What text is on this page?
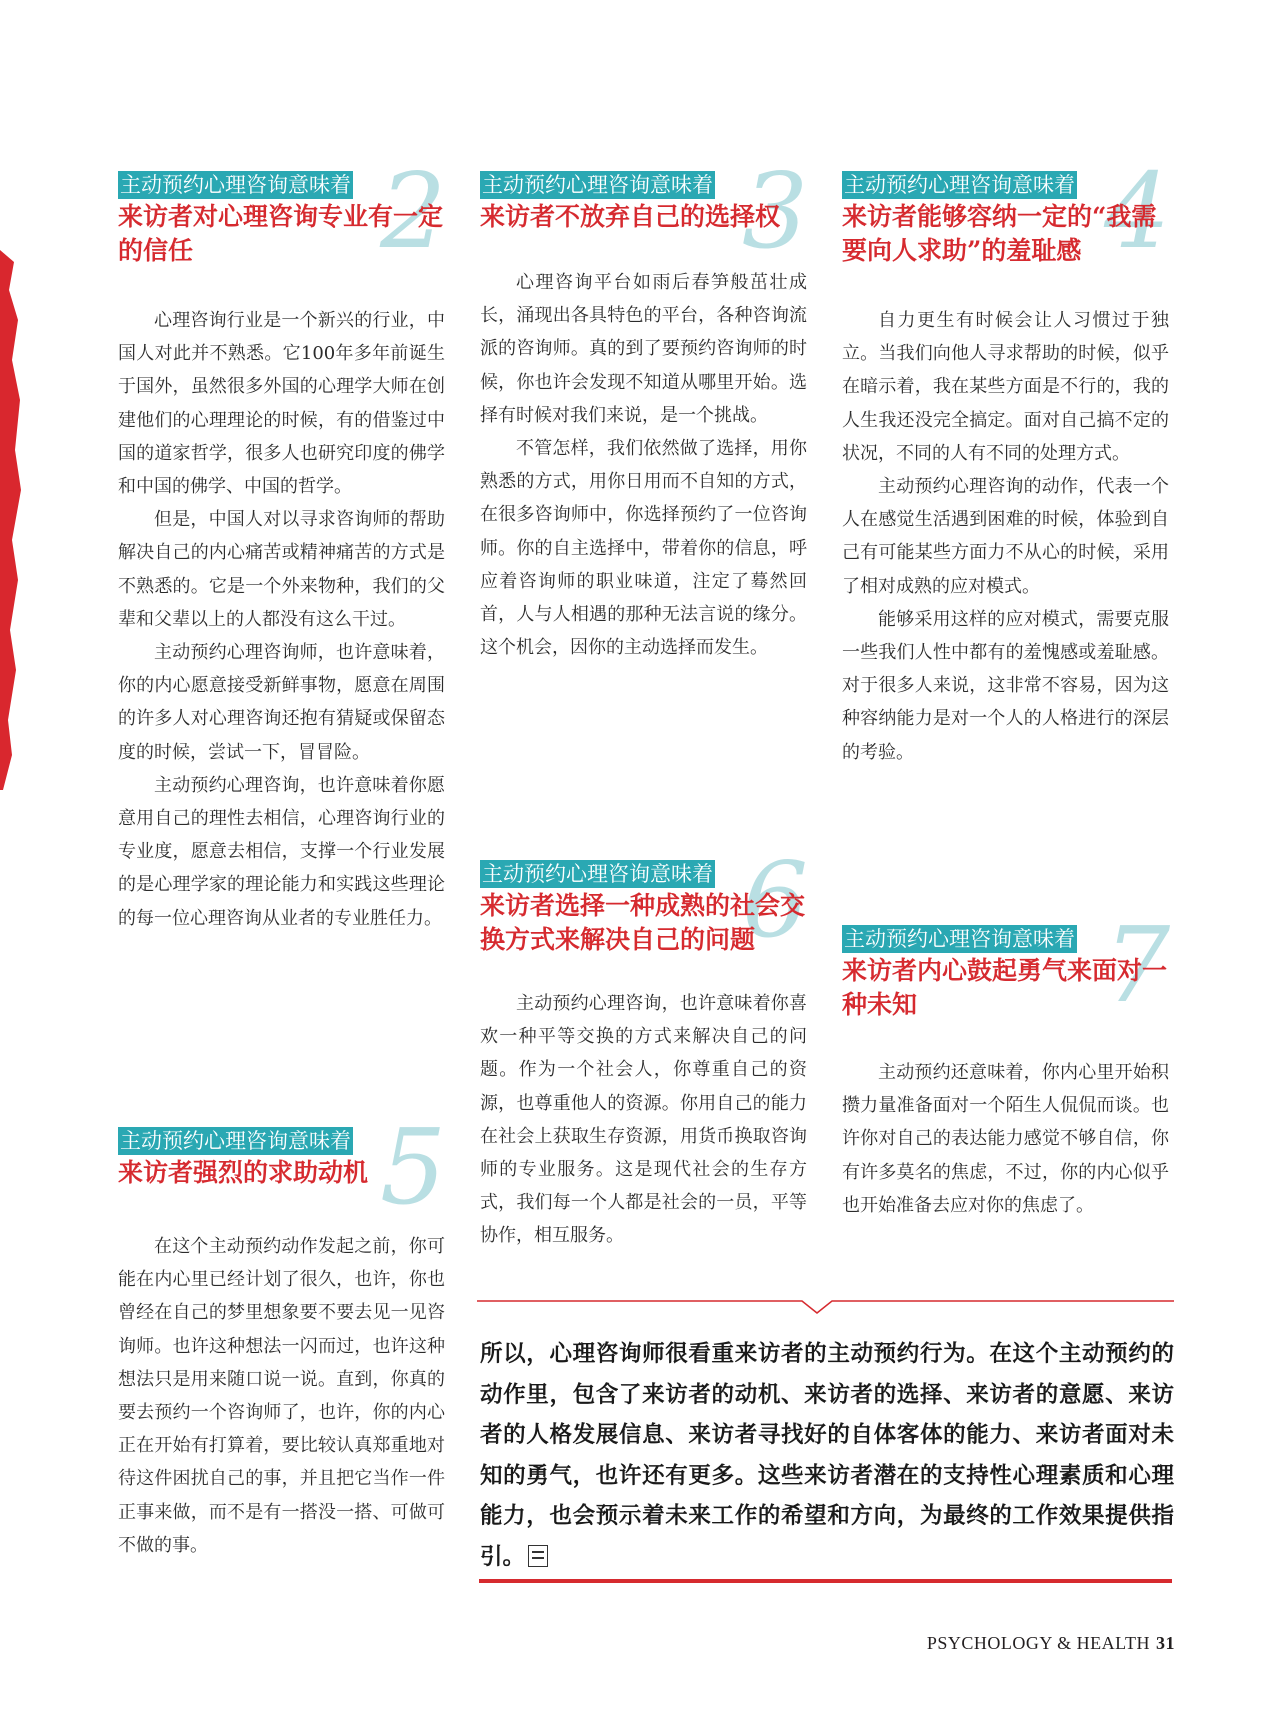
2
主动预约心理咨询意味着
来访者对心理咨询专业有一定的信任

心理咨询行业是一个新兴的行业，中国人对此并不熟悉。它100年多年前诞生于国外，虽然很多外国的心理学大师在创建他们的心理理论的时候，有的借鉴过中国的道家哲学，很多人也研究印度的佛学和中国的佛学、中国的哲学。

但是，中国人对以寻求咨询师的帮助解决自己的内心痛苦或精神痛苦的方式是不熟悉的。它是一个外来物种，我们的父辈和父辈以上的人都没有这么干过。

主动预约心理咨询师，也许意味着，你的内心愿意接受新鲜事物，愿意在周围的许多人对心理咨询还抱有猜疑或保留态度的时候，尝试一下，冒冒险。

主动预约心理咨询，也许意味着你愿意用自己的理性去相信，心理咨询行业的专业度，愿意去相信，支撑一个行业发展的是心理学家的理论能力和实践这些理论的每一位心理咨询从业者的专业胜任力。

3
主动预约心理咨询意味着
来访者不放弃自己的选择权

心理咨询平台如雨后春笋般茁壮成长，涌现出各具特色的平台，各种咨询流派的咨询师。真的到了要预约咨询师的时候，你也许会发现不知道从哪里开始。选择有时候对我们来说，是一个挑战。

不管怎样，我们依然做了选择，用你熟悉的方式，用你日用而不自知的方式，在很多咨询师中，你选择预约了一位咨询师。你的自主选择中，带着你的信息，呼应着咨询师的职业味道，注定了蓦然回首，人与人相遇的那种无法言说的缘分。这个机会，因你的主动选择而发生。

4
主动预约心理咨询意味着
来访者能够容纳一定的“我需要向人求助”的羞耻感

自力更生有时候会让人习惯过于独立。当我们向他人寻求帮助的时候，似乎在暗示着，我在某些方面是不行的，我的人生我还没完全搞定。面对自己搞不定的状况，不同的人有不同的处理方式。

主动预约心理咨询的动作，代表一个人在感觉生活遇到困难的时候，体验到自己有可能某些方面力不从心的时候，采用了相对成熟的应对模式。

能够采用这样的应对模式，需要克服一些我们人性中都有的羞愧感或羞耻感。对于很多人来说，这非常不容易，因为这种容纳能力是对一个人的人格进行的深层的考验。

5
主动预约心理咨询意味着
来访者强烈的求助动机

在这个主动预约动作发起之前，你可能在内心里已经计划了很久，也许，你也曾经在自己的梦里想象要不要去见一见咨询师。也许这种想法一闪而过，也许这种想法只是用来随口说一说。直到，你真的要去预约一个咨询师了，也许，你的内心正在开始有打算着，要比较认真郑重地对待这件困扰自己的事，并且把它当作一件正事来做，而不是有一搭没一搭、可做可不做的事。

6
主动预约心理咨询意味着
来访者选择一种成熟的社会交换方式来解决自己的问题

主动预约心理咨询，也许意味着你喜欢一种平等交换的方式来解决自己的问题。作为一个社会人，你尊重自己的资源，也尊重他人的资源。你用自己的能力在社会上获取生存资源，用货币换取咨询师的专业服务。这是现代社会的生存方式，我们每一个人都是社会的一员，平等协作，相互服务。

7
主动预约心理咨询意味着
来访者内心鼓起勇气来面对一种未知

主动预约还意味着，你内心里开始积攒力量准备面对一个陌生人侃侃而谈。也许你对自己的表达能力感觉不够自信，你有许多莫名的焦虑，不过，你的内心似乎也开始准备去应对你的焦虑了。

所以，心理咨询师很看重来访者的主动预约行为。在这个主动预约的动作里，包含了来访者的动机、来访者的选择、来访者的意愿、来访者的人格发展信息、来访者寻找好的自体客体的能力、来访者面对未知的勇气，也许还有更多。这些来访者潜在的支持性心理素质和心理能力，也会预示着未来工作的希望和方向，为最终的工作效果提供指引。

PSYCHOLOGY & HEALTH 31
